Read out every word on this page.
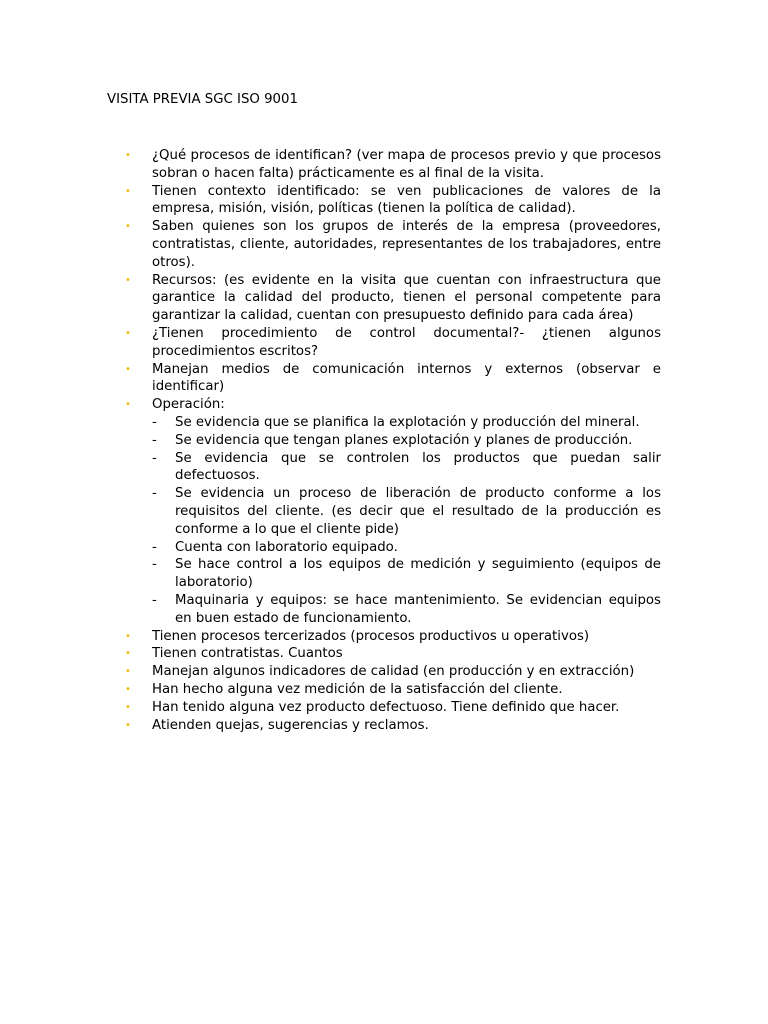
VISITA PREVIA SGC ISO 9001
•	¿Qué procesos de identifican? (ver mapa de procesos previo y que procesos sobran o hacen falta) prácticamente es al final de la visita.
•	Tienen contexto identificado: se ven publicaciones de valores de la empresa, misión, visión, políticas (tienen la política de calidad).
•	Saben quienes son los grupos de interés de la empresa (proveedores, contratistas, cliente, autoridades, representantes de los trabajadores, entre otros).
•	Recursos: (es evidente en la visita que cuentan con infraestructura que garantice la calidad del producto, tienen el personal competente para garantizar la calidad, cuentan con presupuesto definido para cada área)
•	¿Tienen procedimiento de control documental?- ¿tienen algunos procedimientos escritos?
•	Manejan medios de comunicación internos y externos (observar e identificar)
•	Operación:
- Se evidencia que se planifica la explotación y producción del mineral.
- Se evidencia que tengan planes explotación y planes de producción.
- Se evidencia que se controlen los productos que puedan salir defectuosos.
- Se evidencia un proceso de liberación de producto conforme a los requisitos del cliente. (es decir que el resultado de la producción es conforme a lo que el cliente pide)
- Cuenta con laboratorio equipado.
- Se hace control a los equipos de medición y seguimiento (equipos de laboratorio)
- Maquinaria y equipos: se hace mantenimiento. Se evidencian equipos en buen estado de funcionamiento.
•	Tienen procesos tercerizados (procesos productivos u operativos)
•	Tienen contratistas. Cuantos
•	Manejan algunos indicadores de calidad (en producción y en extracción)
•	Han hecho alguna vez medición de la satisfacción del cliente.
•	Han tenido alguna vez producto defectuoso. Tiene definido que hacer.
•	Atienden quejas, sugerencias y reclamos.
